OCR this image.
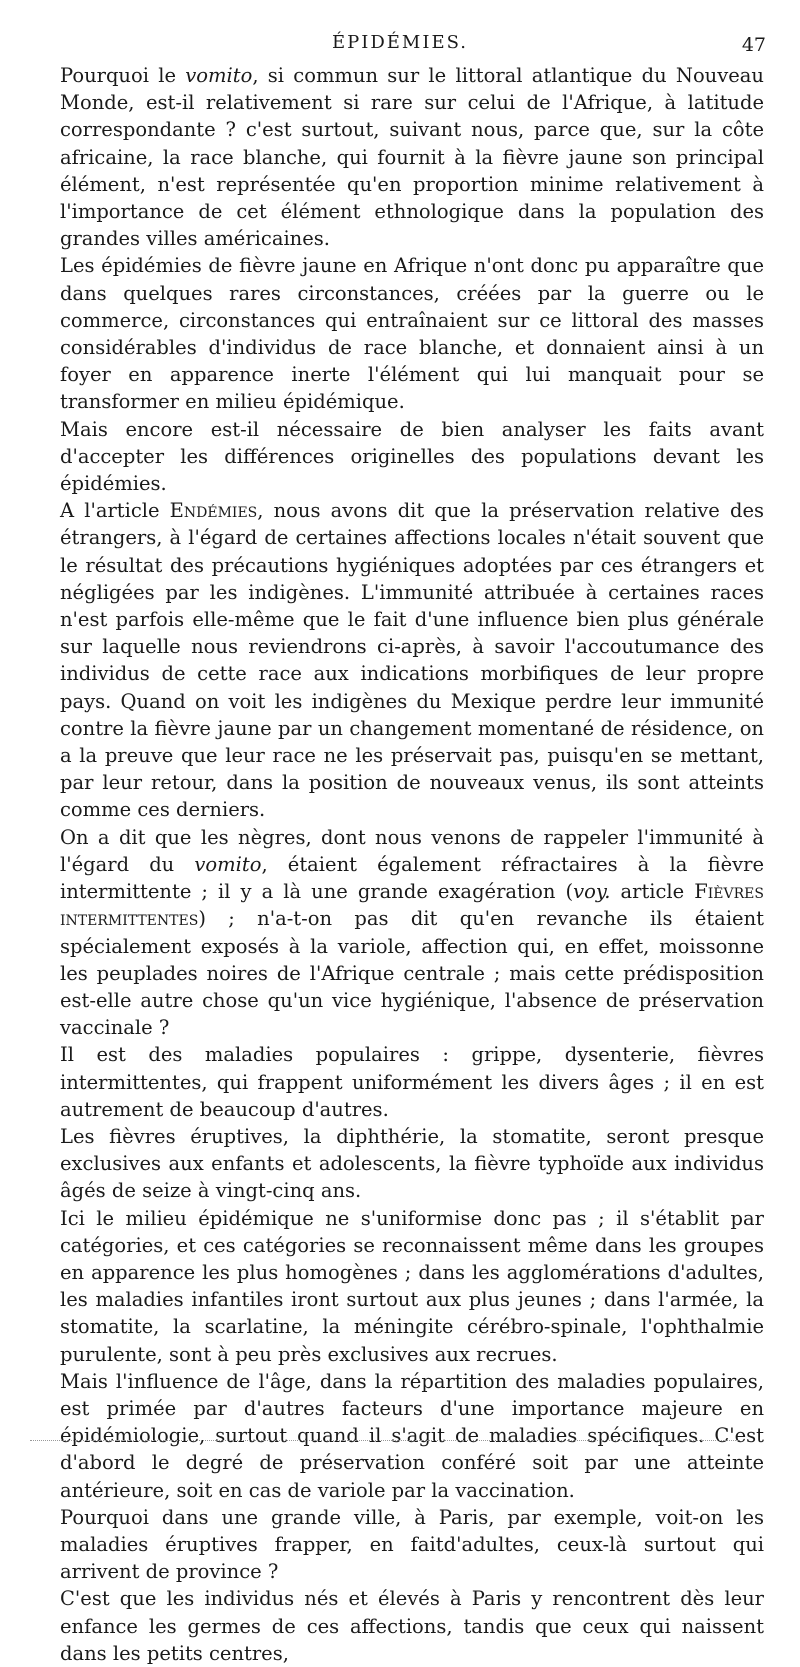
ÉPIDÉMIES.	47

Pourquoi le vomito, si commun sur le littoral atlantique du Nouveau Monde, est-il relativement si rare sur celui de l'Afrique, à latitude correspondante ? c'est surtout, suivant nous, parce que, sur la côte africaine, la race blanche, qui fournit à la fièvre jaune son principal élément, n'est représentée qu'en proportion minime relativement à l'importance de cet élément ethnologique dans la population des grandes villes américaines.

Les épidémies de fièvre jaune en Afrique n'ont donc pu apparaître que dans quelques rares circonstances, créées par la guerre ou le commerce, circonstances qui entraînaient sur ce littoral des masses considérables d'individus de race blanche, et donnaient ainsi à un foyer en apparence inerte l'élément qui lui manquait pour se transformer en milieu épidémique.

Mais encore est-il nécessaire de bien analyser les faits avant d'accepter les différences originelles des populations devant les épidémies.

A l'article Endémies, nous avons dit que la préservation relative des étrangers, à l'égard de certaines affections locales n'était souvent que le résultat des précautions hygiéniques adoptées par ces étrangers et négligées par les indigènes. L'immunité attribuée à certaines races n'est parfois elle-même que le fait d'une influence bien plus générale sur laquelle nous reviendrons ci-après, à savoir l'accoutumance des individus de cette race aux indications morbifiques de leur propre pays. Quand on voit les indigènes du Mexique perdre leur immunité contre la fièvre jaune par un changement momentané de résidence, on a la preuve que leur race ne les préservait pas, puisqu'en se mettant, par leur retour, dans la position de nouveaux venus, ils sont atteints comme ces derniers.

On a dit que les nègres, dont nous venons de rappeler l'immunité à l'égard du vomito, étaient également réfractaires à la fièvre intermittente ; il y a là une grande exagération (voy. article Fièvres intermittentes) ; n'a-t-on pas dit qu'en revanche ils étaient spécialement exposés à la variole, affection qui, en effet, moissonne les peuplades noires de l'Afrique centrale ; mais cette prédisposition est-elle autre chose qu'un vice hygiénique, l'absence de préservation vaccinale ?

Il est des maladies populaires : grippe, dysenterie, fièvres intermittentes, qui frappent uniformément les divers âges ; il en est autrement de beaucoup d'autres.

Les fièvres éruptives, la diphthérie, la stomatite, seront presque exclusives aux enfants et adolescents, la fièvre typhoïde aux individus âgés de seize à vingt-cinq ans.

Ici le milieu épidémique ne s'uniformise donc pas ; il s'établit par catégories, et ces catégories se reconnaissent même dans les groupes en apparence les plus homogènes ; dans les agglomérations d'adultes, les maladies infantiles iront surtout aux plus jeunes ; dans l'armée, la stomatite, la scarlatine, la méningite cérébro-spinale, l'ophthalmie purulente, sont à peu près exclusives aux recrues.

Mais l'influence de l'âge, dans la répartition des maladies populaires, est primée par d'autres facteurs d'une importance majeure en épidémiologie, surtout quand il s'agit de maladies spécifiques. C'est d'abord le degré de préservation conféré soit par une atteinte antérieure, soit en cas de variole par la vaccination.

Pourquoi dans une grande ville, à Paris, par exemple, voit-on les maladies éruptives frapper, en faitd'adultes, ceux-là surtout qui arrivent de province ?

C'est que les individus nés et élevés à Paris y rencontrent dès leur enfance les germes de ces affections, tandis que ceux qui naissent dans les petits centres,
